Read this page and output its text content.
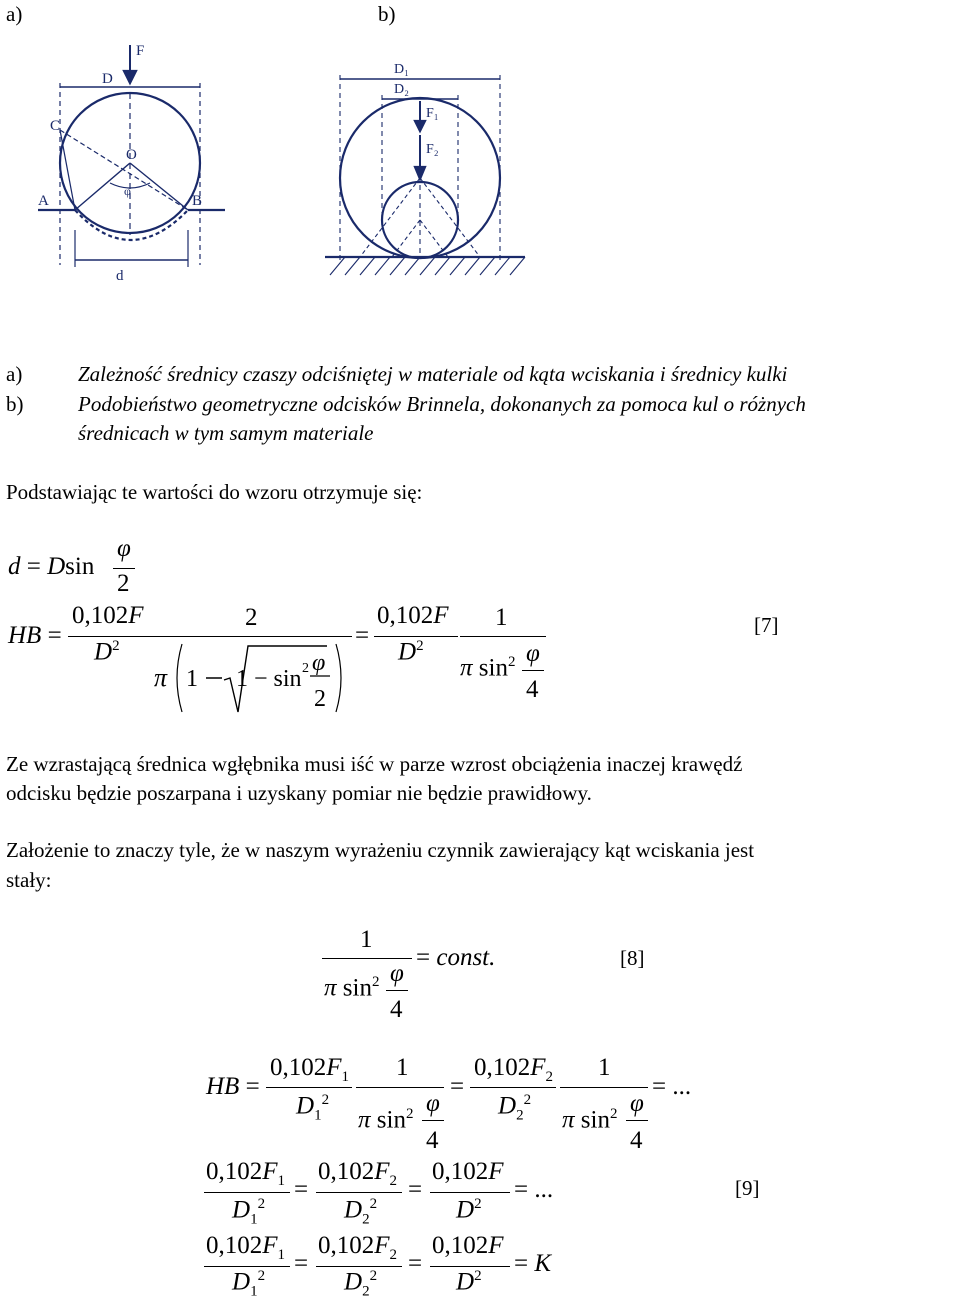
a)	b)
F
D
C
O
A	B
d
φ
D₁
D₂
F₁
F₂
a)	Zależność średnicy czaszy odciśniętej w materiale od kąta wciskania i średnicy kulki
b)	Podobieństwo geometryczne odcisków Brinnela, dokonanych za pomoca kul o różnych
średnicach w tym samym materiale
Podstawiając te wartości do wzoru otrzymuje się:
d = Dsin
φ
2
HB =
0,102F
$D^2$
2
π 1 1 − sin 2 φ
2
=
0,102F
$D^2$
1
π $\sin^2 \varphi$
4
[7]
Ze wzrastającą średnica wgłębnika musi iść w parze wzrost obciążenia inaczej krawędź
odcisku będzie poszarpana i uzyskany pomiar nie będzie prawidłowy.
Założenie to znaczy tyle, że w naszym wyrażeniu czynnik zawierający kąt wciskania jest
stały:
1
π $\sin^2 \varphi$
4
= const.	[8]
HB =
$0,102F_1$
$D_1^2$
1
π $\sin^2 \varphi$
4
=
$0,102F_2$
$D_2^2$
1
π $\sin^2 \varphi$
4
= ...
$0,102F_1$
$D_1^2$
=
$0,102F_2$
$D_2^2$
=
0,102F
$D^2$
= ...	[9]
$0,102F_1$
$D_1^2$ =
$0,102F_2$
$D_2^2$ =
0,102F
$D^2 = K$
